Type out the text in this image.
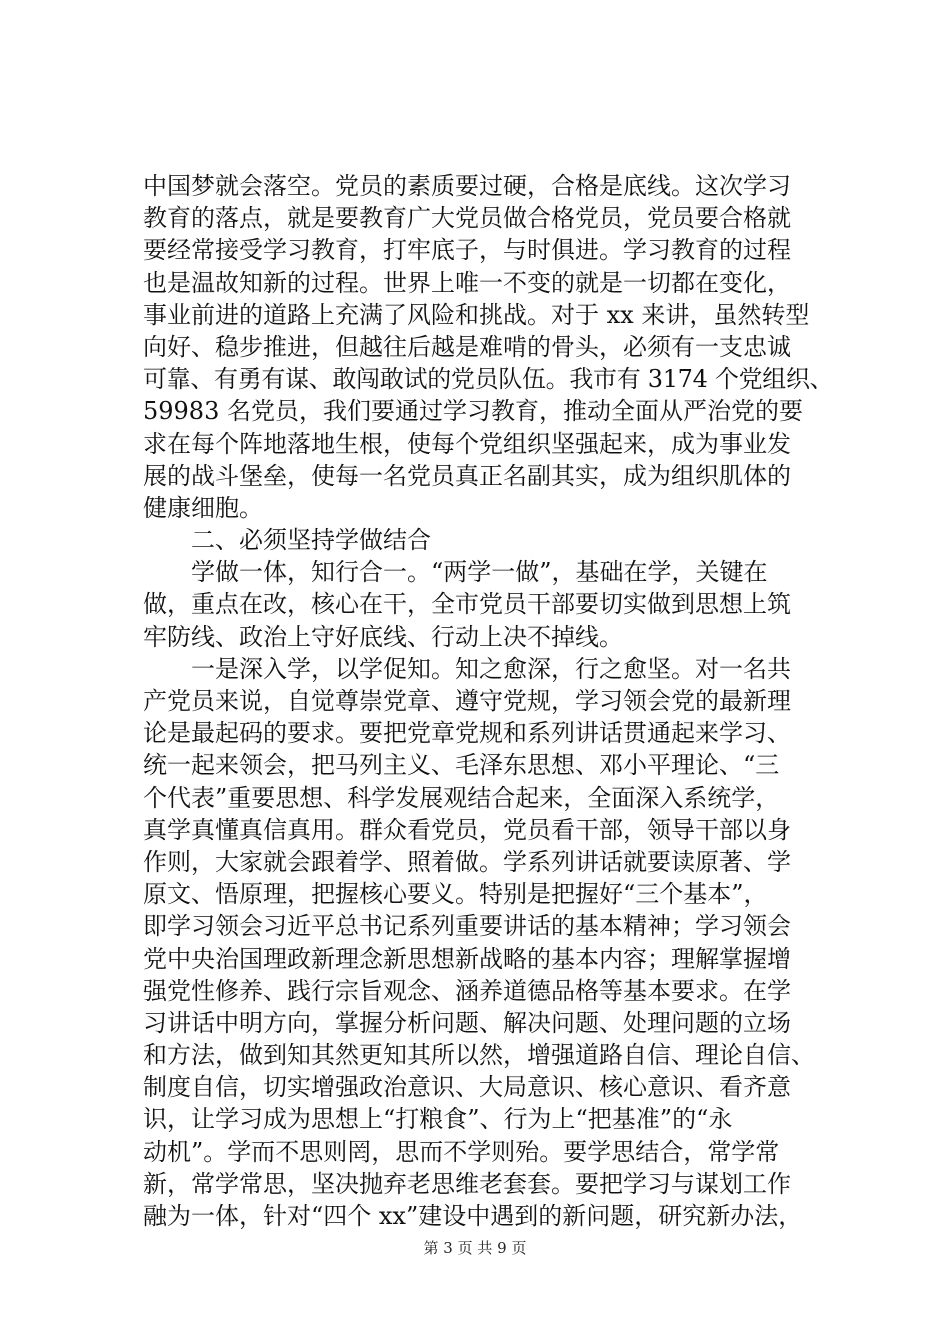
中国梦就会落空。党员的素质要过硬，合格是底线。这次学习
教育的落点，就是要教育广大党员做合格党员，党员要合格就
要经常接受学习教育，打牢底子，与时俱进。学习教育的过程
也是温故知新的过程。世界上唯一不变的就是一切都在变化，
事业前进的道路上充满了风险和挑战。对于 xx 来讲，虽然转型
向好、稳步推进，但越往后越是难啃的骨头，必须有一支忠诚
可靠、有勇有谋、敢闯敢试的党员队伍。我市有 3174 个党组织、
59983 名党员，我们要通过学习教育，推动全面从严治党的要
求在每个阵地落地生根，使每个党组织坚强起来，成为事业发
展的战斗堡垒，使每一名党员真正名副其实，成为组织肌体的
健康细胞。
　　二、必须坚持学做结合
　　学做一体，知行合一。“两学一做”，基础在学，关键在
做，重点在改，核心在干，全市党员干部要切实做到思想上筑
牢防线、政治上守好底线、行动上决不掉线。
　　一是深入学，以学促知。知之愈深，行之愈坚。对一名共
产党员来说，自觉尊崇党章、遵守党规，学习领会党的最新理
论是最起码的要求。要把党章党规和系列讲话贯通起来学习、
统一起来领会，把马列主义、毛泽东思想、邓小平理论、“三
个代表”重要思想、科学发展观结合起来，全面深入系统学，
真学真懂真信真用。群众看党员，党员看干部，领导干部以身
作则，大家就会跟着学、照着做。学系列讲话就要读原著、学
原文、悟原理，把握核心要义。特别是把握好“三个基本”，
即学习领会习近平总书记系列重要讲话的基本精神；学习领会
党中央治国理政新理念新思想新战略的基本内容；理解掌握增
强党性修养、践行宗旨观念、涵养道德品格等基本要求。在学
习讲话中明方向，掌握分析问题、解决问题、处理问题的立场
和方法，做到知其然更知其所以然，增强道路自信、理论自信、
制度自信，切实增强政治意识、大局意识、核心意识、看齐意
识，让学习成为思想上“打粮食”、行为上“把基准”的“永
动机”。学而不思则罔，思而不学则殆。要学思结合，常学常
新，常学常思，坚决抛弃老思维老套套。要把学习与谋划工作
融为一体，针对“四个 xx”建设中遇到的新问题，研究新办法，
第 3 页 共 9 页
